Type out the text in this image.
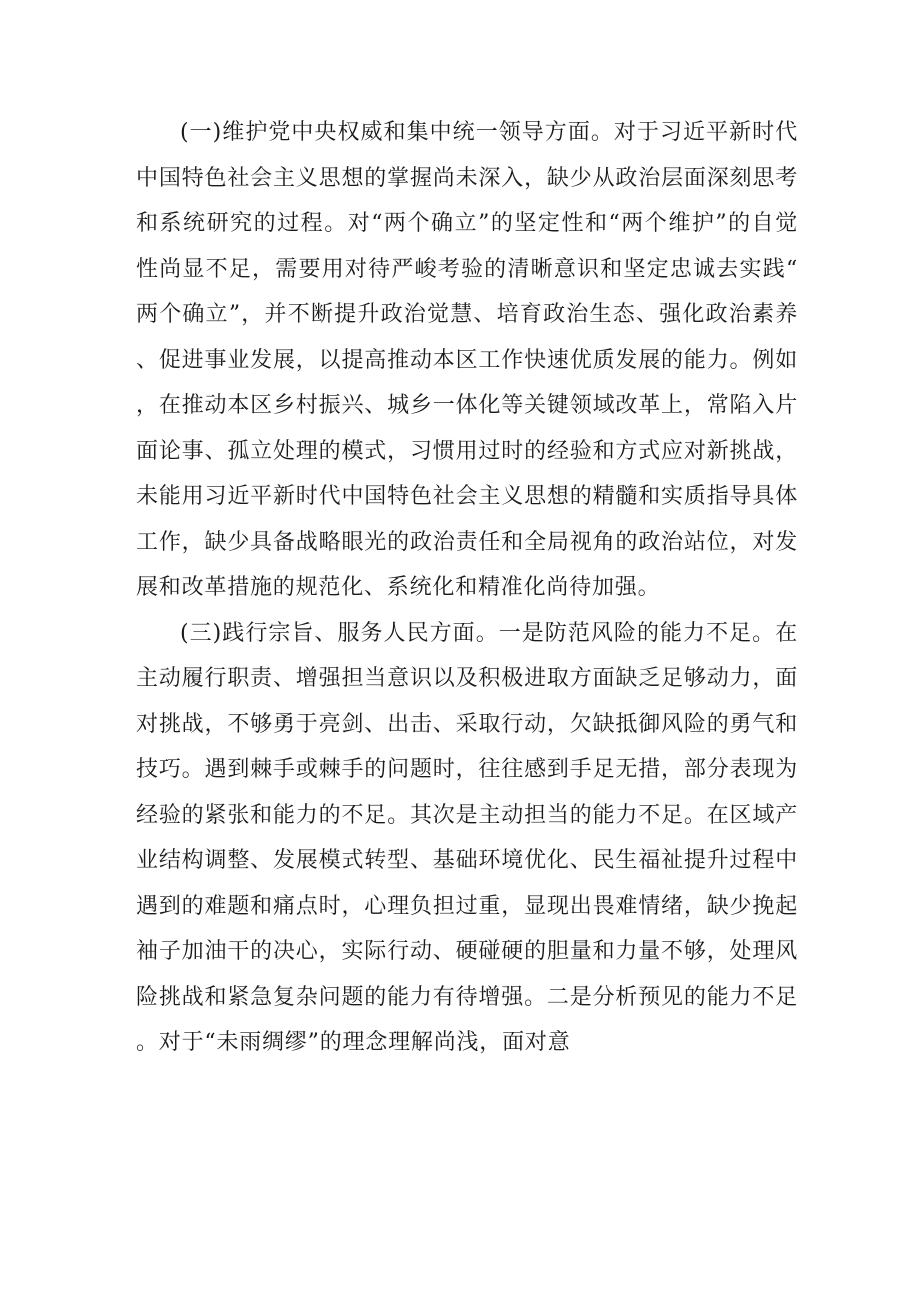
(一)维护党中央权威和集中统一领导方面。对于习近平新时代中国特色社会主义思想的掌握尚未深入，缺少从政治层面深刻思考和系统研究的过程。对“两个确立”的坚定性和“两个维护”的自觉性尚显不足，需要用对待严峻考验的清晰意识和坚定忠诚去实践“两个确立”，并不断提升政治觉慧、培育政治生态、强化政治素养、促进事业发展，以提高推动本区工作快速优质发展的能力。例如，在推动本区乡村振兴、城乡一体化等关键领域改革上，常陷入片面论事、孤立处理的模式，习惯用过时的经验和方式应对新挑战，未能用习近平新时代中国特色社会主义思想的精髓和实质指导具体工作，缺少具备战略眼光的政治责任和全局视角的政治站位，对发展和改革措施的规范化、系统化和精准化尚待加强。

(三)践行宗旨、服务人民方面。一是防范风险的能力不足。在主动履行职责、增强担当意识以及积极进取方面缺乏足够动力，面对挑战，不够勇于亮剑、出击、采取行动，欠缺抵御风险的勇气和技巧。遇到棘手或棘手的问题时，往往感到手足无措，部分表现为经验的紧张和能力的不足。其次是主动担当的能力不足。在区域产业结构调整、发展模式转型、基础环境优化、民生福祉提升过程中遇到的难题和痛点时，心理负担过重，显现出畏难情绪，缺少挽起袖子加油干的决心，实际行动、硬碰硬的胆量和力量不够，处理风险挑战和紧急复杂问题的能力有待增强。二是分析预见的能力不足。对于“未雨绸缪”的理念理解尚浅，面对意
